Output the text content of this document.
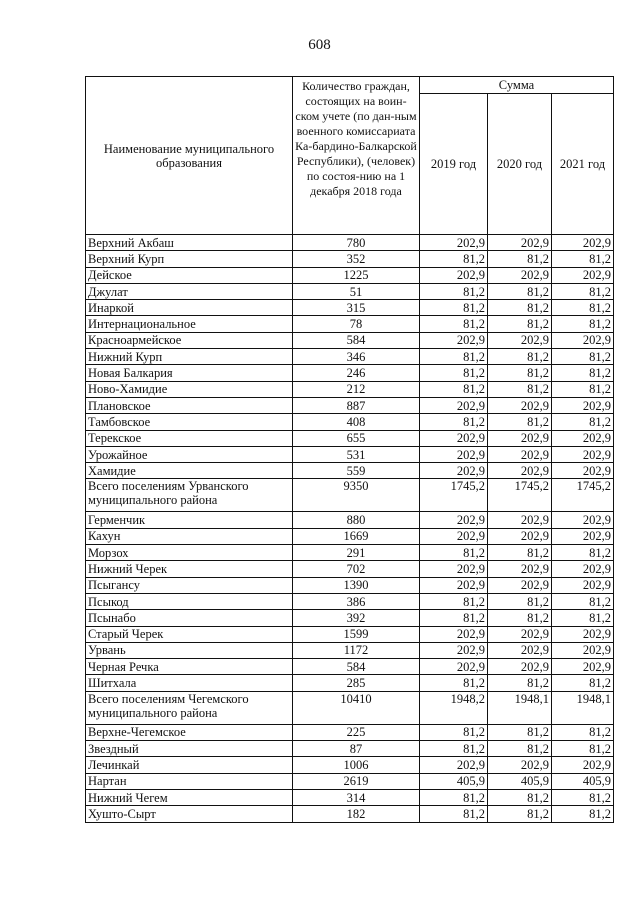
608
Наименование муниципального образования	Количество граждан, состоящих на воин-ском учете (по дан-ным военного комиссариата Ка-бардино-Балкарской Республики), (человек) по состоя-нию на 1 декабря 2018 года	Сумма		
		2019 год	2020 год	2021 год
Верхний Акбаш	780	202,9	202,9	202,9
Верхний Курп	352	81,2	81,2	81,2
Дейское	1225	202,9	202,9	202,9
Джулат	51	81,2	81,2	81,2
Инаркой	315	81,2	81,2	81,2
Интернациональное	78	81,2	81,2	81,2
Красноармейское	584	202,9	202,9	202,9
Нижний Курп	346	81,2	81,2	81,2
Новая Балкария	246	81,2	81,2	81,2
Ново-Хамидие	212	81,2	81,2	81,2
Плановское	887	202,9	202,9	202,9
Тамбовское	408	81,2	81,2	81,2
Терекское	655	202,9	202,9	202,9
Урожайное	531	202,9	202,9	202,9
Хамидие	559	202,9	202,9	202,9
Всего поселениям Урванского муниципального района	9350	1745,2	1745,2	1745,2
Герменчик	880	202,9	202,9	202,9
Кахун	1669	202,9	202,9	202,9
Морзох	291	81,2	81,2	81,2
Нижний Черек	702	202,9	202,9	202,9
Псыгансу	1390	202,9	202,9	202,9
Псыкод	386	81,2	81,2	81,2
Псынабо	392	81,2	81,2	81,2
Старый Черек	1599	202,9	202,9	202,9
Урвань	1172	202,9	202,9	202,9
Черная Речка	584	202,9	202,9	202,9
Шитхала	285	81,2	81,2	81,2
Всего поселениям Чегемского муниципального района	10410	1948,2	1948,1	1948,1
Верхне-Чегемское	225	81,2	81,2	81,2
Звездный	87	81,2	81,2	81,2
Лечинкай	1006	202,9	202,9	202,9
Нартан	2619	405,9	405,9	405,9
Нижний Чегем	314	81,2	81,2	81,2
Хушто-Сырт	182	81,2	81,2	81,2
